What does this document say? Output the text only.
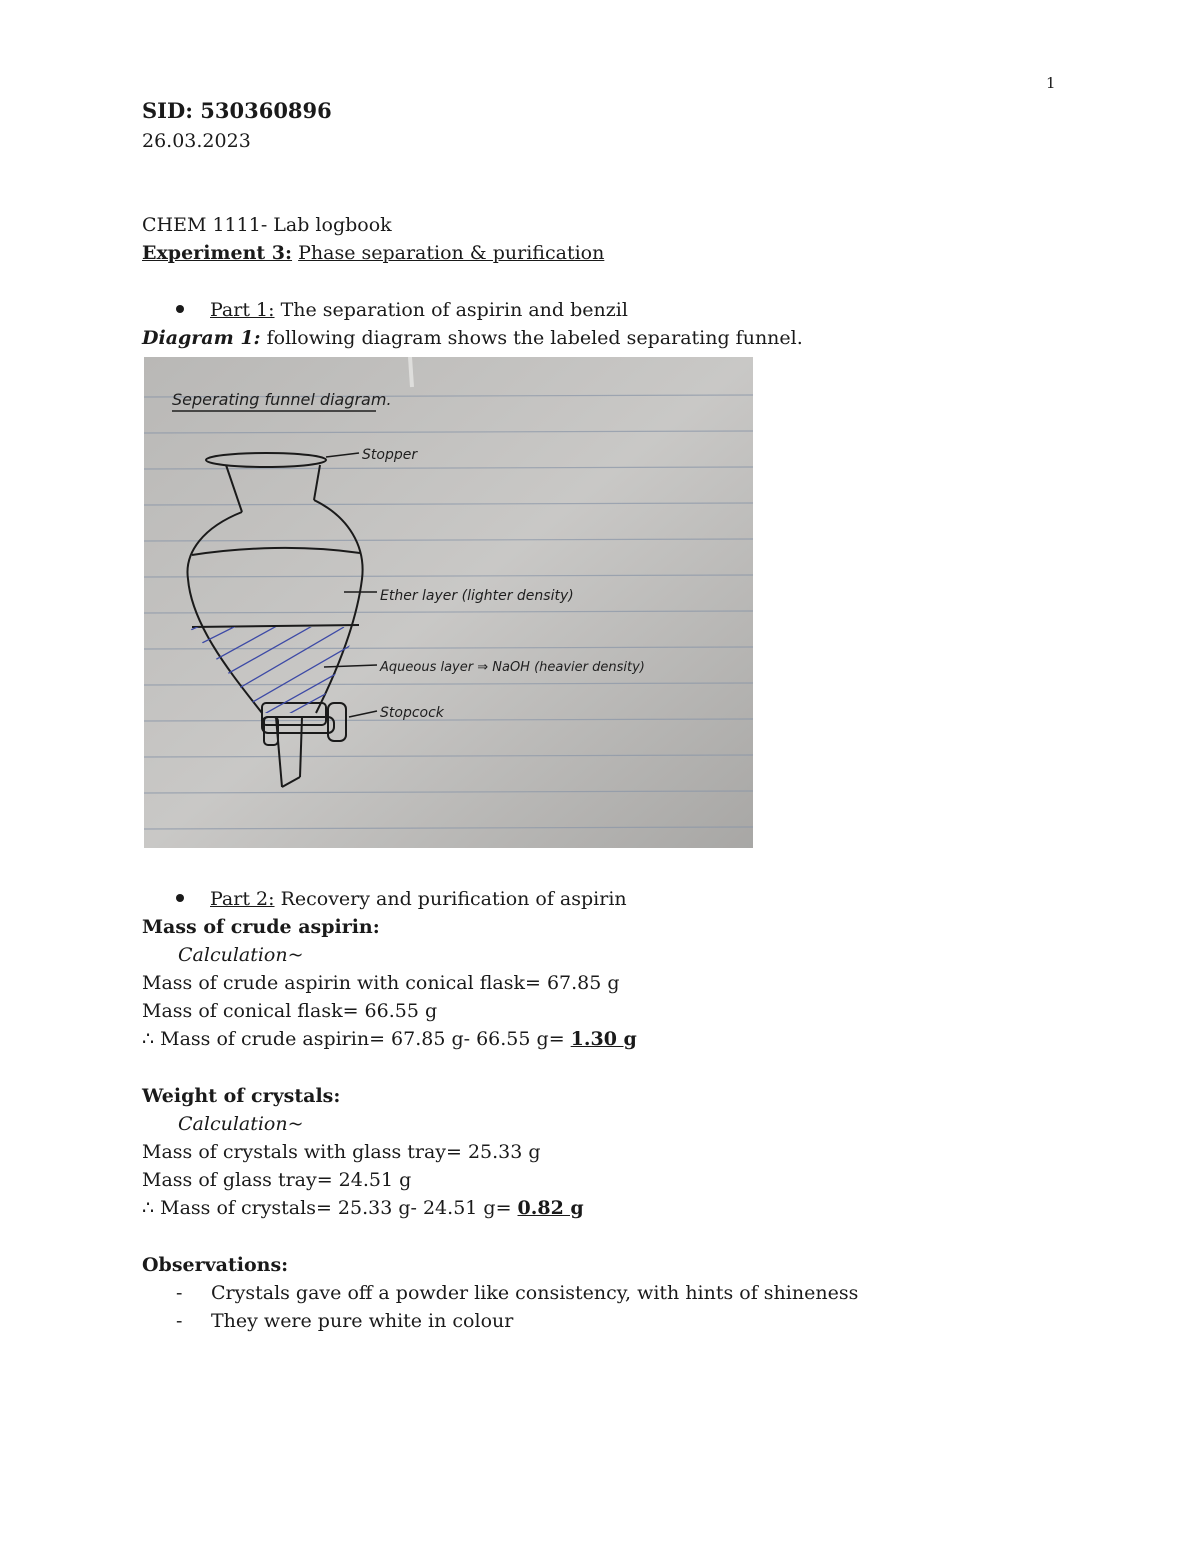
1
SID: 530360896
26.03.2023
CHEM 1111- Lab logbook
Experiment 3: Phase separation & purification
Part 1: The separation of aspirin and benzil
Diagram 1: following diagram shows the labeled separating funnel.
Seperating funnel diagram.
Stopper
Ether layer (lighter density)
Aqueous layer ⇒ NaOH (heavier density)
Stopcock
Part 2: Recovery and purification of aspirin
Mass of crude aspirin:
Calculation~
Mass of crude aspirin with conical flask= 67.85 g
Mass of conical flask= 66.55 g
∴ Mass of crude aspirin= 67.85 g- 66.55 g= 1.30 g
Weight of crystals:
Calculation~
Mass of crystals with glass tray= 25.33 g
Mass of glass tray= 24.51 g
∴ Mass of crystals= 25.33 g- 24.51 g= 0.82 g
Observations:
- Crystals gave off a powder like consistency, with hints of shineness
- They were pure white in colour
